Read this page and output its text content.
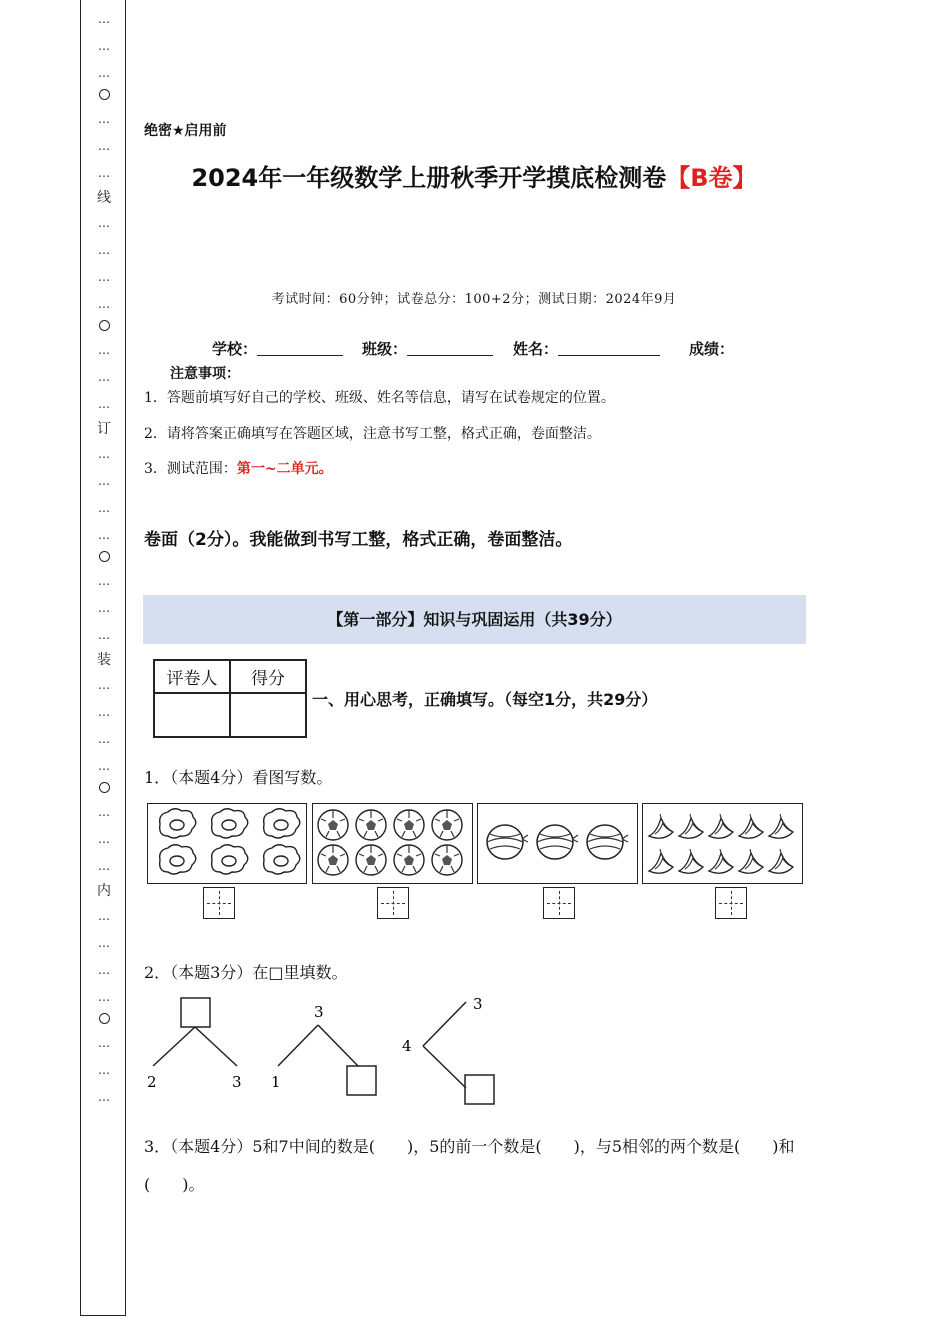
…
…
…

…
…
…
线
…
…
…
…

…
…
…
订
…
…
…
…

…
…
…
装
…
…
…
…

…
…
…
内
…
…
…
…

…
…
…
绝密★启用前
2024年一年级数学上册秋季开学摸底检测卷【B卷】
考试时间：60分钟；试卷总分：100+2分；测试日期：2024年9月
学校：	班级：	姓名：	成绩：
注意事项：
1．答题前填写好自己的学校、班级、姓名等信息，请写在试卷规定的位置。
2．请将答案正确填写在答题区域，注意书写工整，格式正确，卷面整洁。
3．测试范围：第一~二单元。
卷面（2分）。我能做到书写工整，格式正确，卷面整洁。
【第一部分】知识与巩固运用（共39分）
评卷人	得分

一、用心思考，正确填写。（每空1分，共29分）
1．（本题4分）看图写数。
2．（本题3分）在□里填数。
2	3
3
1
3
4
3．（本题4分）5和7中间的数是(　　)，5的前一个数是(　　)，与5相邻的两个数是(　　)和(　　)。
